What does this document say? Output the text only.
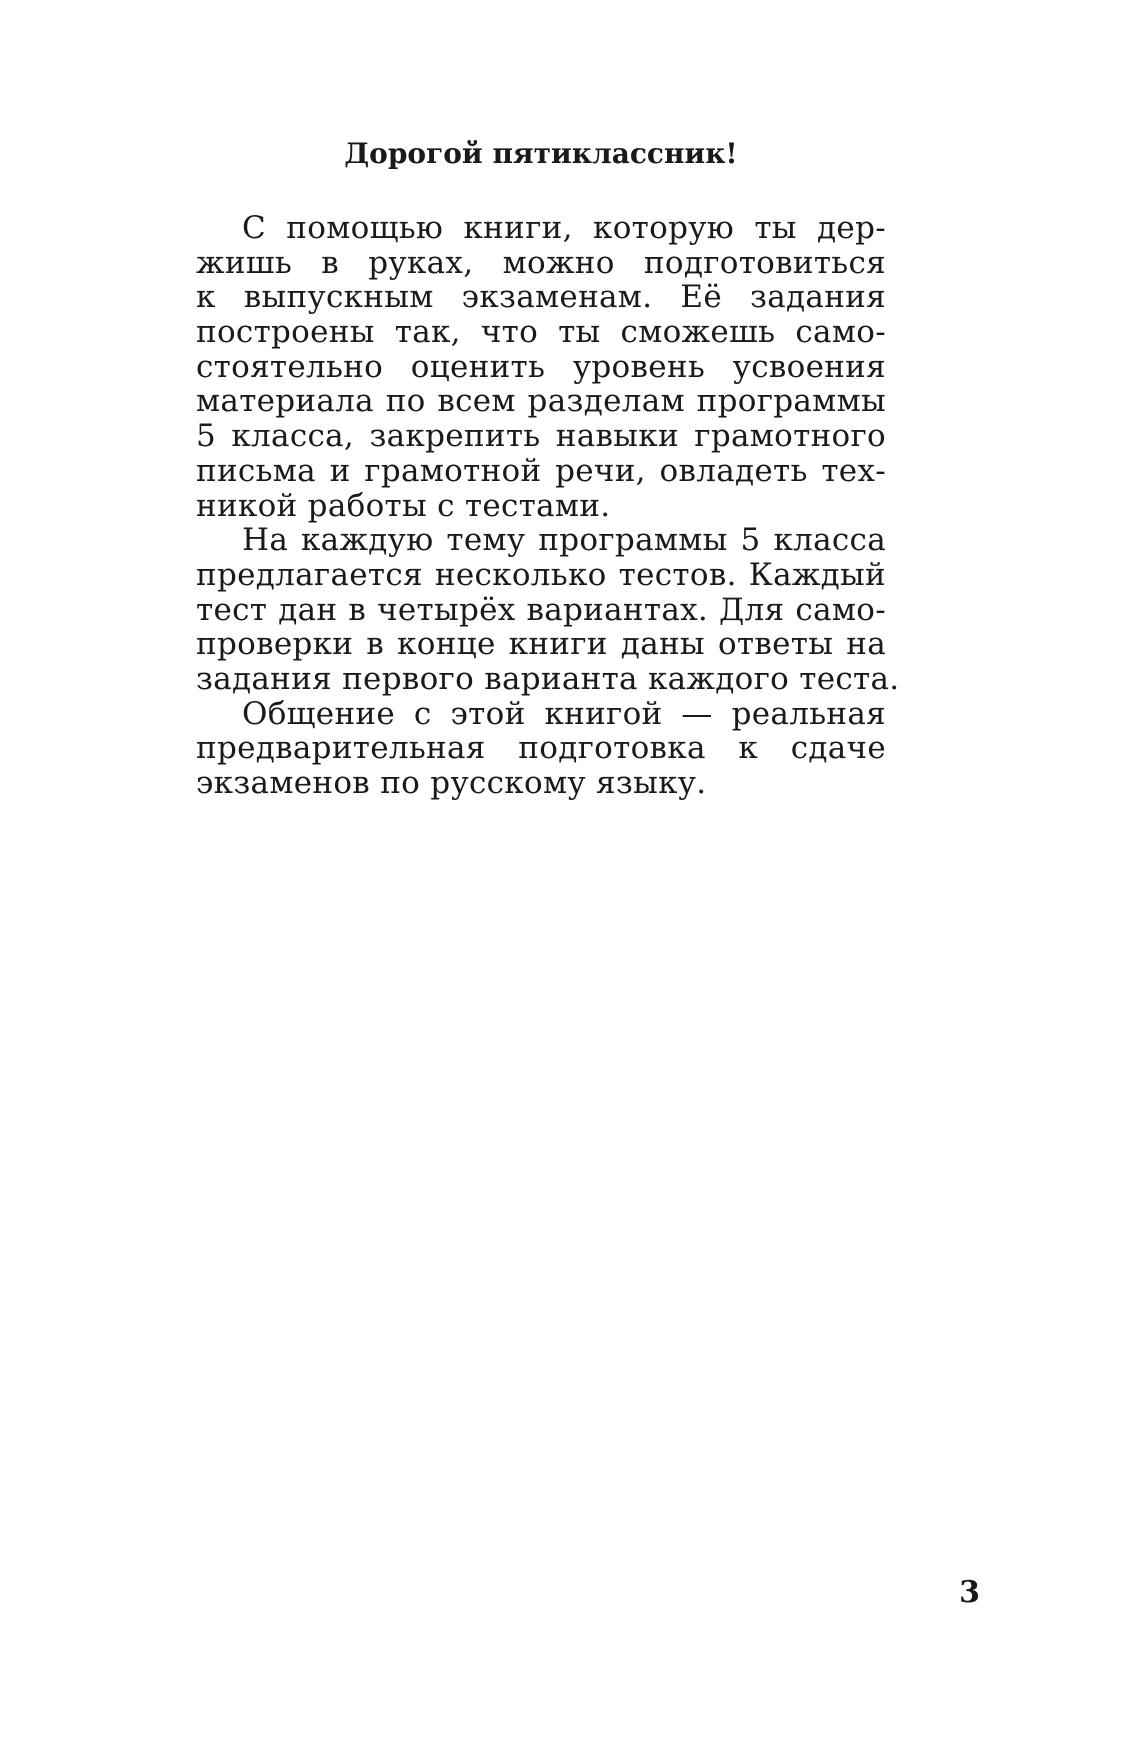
Дорогой пятиклассник!
С помощью книги, которую ты дер-
жишь в руках, можно подготовиться
к выпускным экзаменам. Её задания
построены так, что ты сможешь само-
стоятельно оценить уровень усвоения
материала по всем разделам программы
5 класса, закрепить навыки грамотного
письма и грамотной речи, овладеть тех-
никой работы с тестами.
На каждую тему программы 5 класса
предлагается несколько тестов. Каждый
тест дан в четырёх вариантах. Для само-
проверки в конце книги даны ответы на
задания первого варианта каждого теста.
Общение с этой книгой — реальная
предварительная подготовка к сдаче
экзаменов по русскому языку.
3
